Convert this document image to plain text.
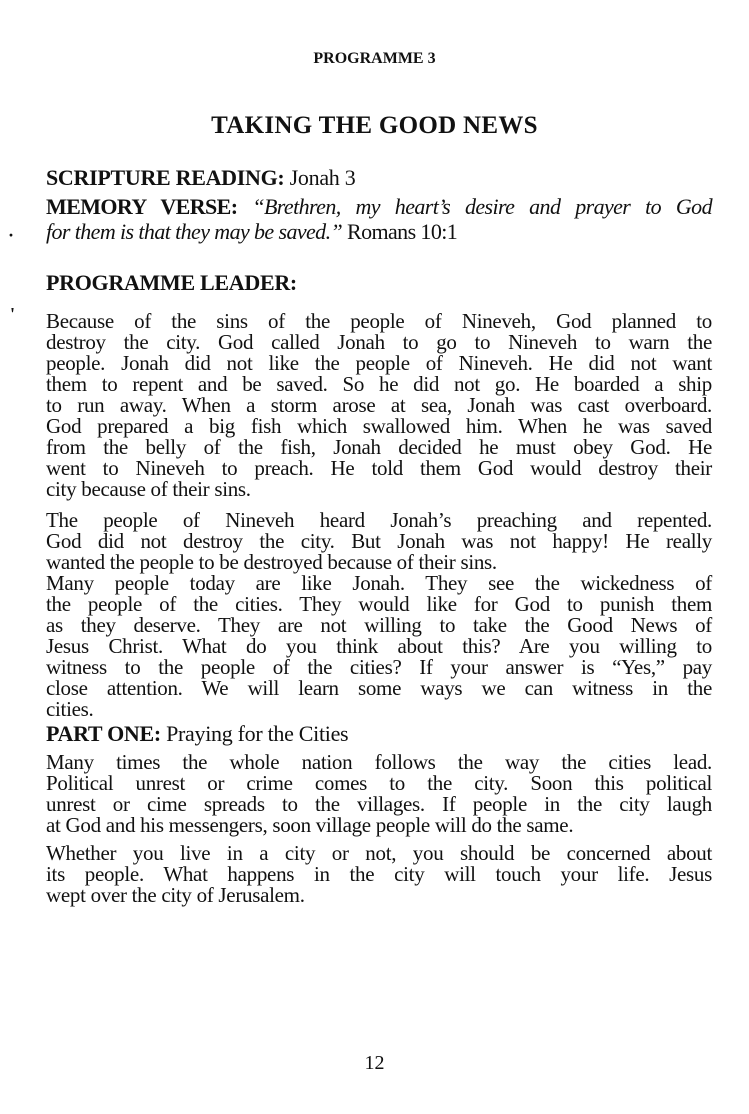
PROGRAMME 3
TAKING THE GOOD NEWS
SCRIPTURE READING: Jonah 3
MEMORY VERSE: “Brethren, my heart’s desire and prayer to God
for them is that they may be saved.” Romans 10:1
·
'
PROGRAMME LEADER:
Because of the sins of the people of Nineveh, God planned to
destroy the city. God called Jonah to go to Nineveh to warn the
people. Jonah did not like the people of Nineveh. He did not want
them to repent and be saved. So he did not go. He boarded a ship
to run away. When a storm arose at sea, Jonah was cast overboard.
God prepared a big fish which swallowed him. When he was saved
from the belly of the fish, Jonah decided he must obey God. He
went to Nineveh to preach. He told them God would destroy their
city because of their sins.
The people of Nineveh heard Jonah’s preaching and repented.
God did not destroy the city. But Jonah was not happy! He really
wanted the people to be destroyed because of their sins.
Many people today are like Jonah. They see the wickedness of
the people of the cities. They would like for God to punish them
as they deserve. They are not willing to take the Good News of
Jesus Christ. What do you think about this? Are you willing to
witness to the people of the cities? If your answer is “Yes,” pay
close attention. We will learn some ways we can witness in the
cities.
PART ONE: Praying for the Cities
Many times the whole nation follows the way the cities lead.
Political unrest or crime comes to the city. Soon this political
unrest or cime spreads to the villages. If people in the city laugh
at God and his messengers, soon village people will do the same.
Whether you live in a city or not, you should be concerned about
its people. What happens in the city will touch your life. Jesus
wept over the city of Jerusalem.
12
